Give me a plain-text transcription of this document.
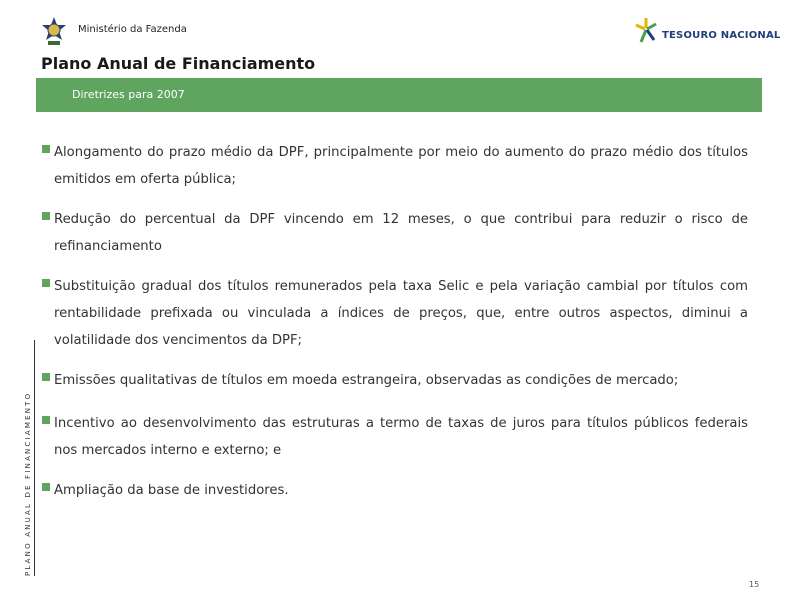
Ministério da Fazenda
TESOURO NACIONAL
Plano Anual de Financiamento
Diretrizes para 2007
PLANO ANUAL DE FINANCIAMENTO
Alongamento do prazo médio da DPF, principalmente por meio do aumento do prazo médio dos títulos emitidos em oferta pública;
Redução do percentual da DPF vincendo em 12 meses, o que contribui para reduzir o risco de refinanciamento
Substituição gradual dos títulos remunerados pela taxa Selic e pela variação cambial por títulos com rentabilidade prefixada ou vinculada a índices de preços, que, entre outros aspectos, diminui a volatilidade dos vencimentos da DPF;
Emissões qualitativas de títulos em moeda estrangeira, observadas as condições de mercado;
Incentivo ao desenvolvimento das estruturas a termo de taxas de juros para títulos públicos federais nos mercados interno e externo; e
Ampliação da base de investidores.
15
